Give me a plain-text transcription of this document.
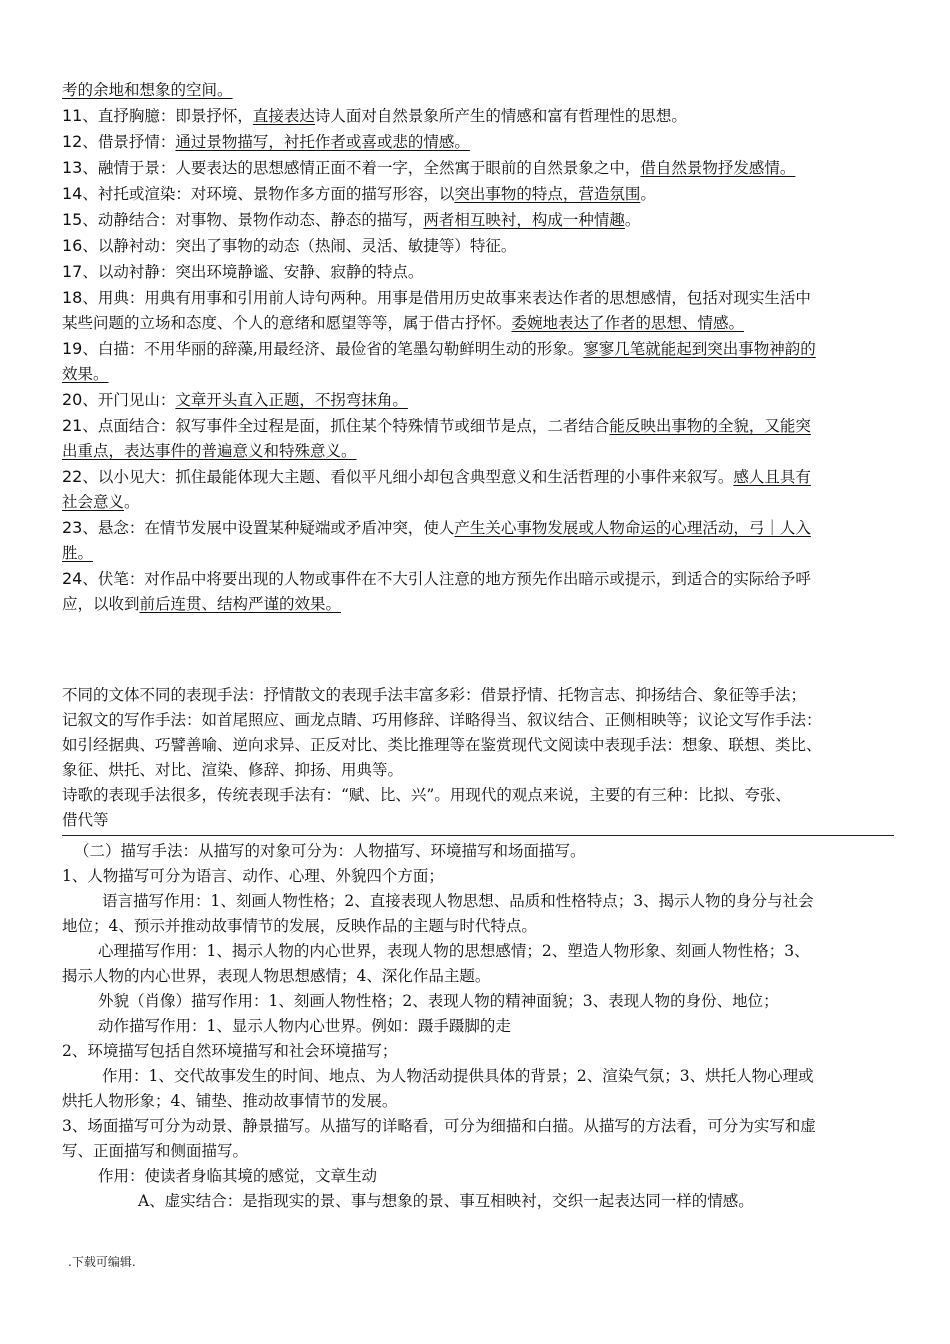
考的余地和想象的空间。

11、直抒胸臆：即景抒怀，直接表达诗人面对自然景象所产生的情感和富有哲理性的思想。

12、借景抒情：通过景物描写，衬托作者或喜或悲的情感。

13、融情于景：人要表达的思想感情正面不着一字，全然寓于眼前的自然景象之中，借自然景物抒发感情。

14、衬托或渲染：对环境、景物作多方面的描写形容，以突出事物的特点，营造氛围。

15、动静结合：对事物、景物作动态、静态的描写，两者相互映衬，构成一种情趣。

16、以静衬动：突出了事物的动态（热闹、灵活、敏捷等）特征。

17、以动衬静：突出环境静谧、安静、寂静的特点。

18、用典：用典有用事和引用前人诗句两种。用事是借用历史故事来表达作者的思想感情，包括对现实生活中

某些问题的立场和态度、个人的意绪和愿望等等，属于借古抒怀。委婉地表达了作者的思想、情感。

19、白描：不用华丽的辞藻,用最经济、最俭省的笔墨勾勒鲜明生动的形象。寥寥几笔就能起到突出事物神韵的

效果。

20、开门见山：文章开头直入正题，不拐弯抹角。

21、点面结合：叙写事件全过程是面，抓住某个特殊情节或细节是点，二者结合能反映出事物的全貌，又能突

出重点，表达事件的普遍意义和特殊意义。

22、以小见大：抓住最能体现大主题、看似平凡细小却包含典型意义和生活哲理的小事件来叙写。感人且具有

社会意义。

23、悬念：在情节发展中设置某种疑端或矛盾冲突，使人产生关心事物发展或人物命运的心理活动，弓｜人入

胜。

24、伏笔：对作品中将要出现的人物或事件在不大引人注意的地方预先作出暗示或提示，到适合的实际给予呼

应，以收到前后连贯、结构严谨的效果。

不同的文体不同的表现手法：抒情散文的表现手法丰富多彩：借景抒情、托物言志、抑扬结合、象征等手法；

记叙文的写作手法：如首尾照应、画龙点睛、巧用修辞、详略得当、叙议结合、正侧相映等；议论文写作手法：

如引经据典、巧譬善喻、逆向求异、正反对比、类比推理等在鉴赏现代文阅读中表现手法：想象、联想、类比、

象征、烘托、对比、渲染、修辞、抑扬、用典等。

诗歌的表现手法很多，传统表现手法有：“赋、比、兴”。用现代的观点来说，主要的有三种：比拟、夸张、

借代等

（二）描写手法：从描写的对象可分为：人物描写、环境描写和场面描写。

1、人物描写可分为语言、动作、心理、外貌四个方面；

语言描写作用：1、刻画人物性格；2、直接表现人物思想、品质和性格特点；3、揭示人物的身分与社会

地位；4、预示并推动故事情节的发展，反映作品的主题与时代特点。

心理描写作用：1、揭示人物的内心世界，表现人物的思想感情；2、塑造人物形象、刻画人物性格；3、

揭示人物的内心世界，表现人物思想感情；4、深化作品主题。

外貌（肖像）描写作用：1、刻画人物性格；2、表现人物的精神面貌；3、表现人物的身份、地位；

动作描写作用：1、显示人物内心世界。例如：蹑手蹑脚的走

2、环境描写包括自然环境描写和社会环境描写；

作用：1、交代故事发生的时间、地点、为人物活动提供具体的背景；2、渲染气氛；3、烘托人物心理或

烘托人物形象；4、铺垫、推动故事情节的发展。

3、场面描写可分为动景、静景描写。从描写的详略看，可分为细描和白描。从描写的方法看，可分为实写和虚

写、正面描写和侧面描写。

作用：使读者身临其境的感觉，文章生动

A、虚实结合：是指现实的景、事与想象的景、事互相映衬，交织一起表达同一样的情感。

.下载可编辑.
